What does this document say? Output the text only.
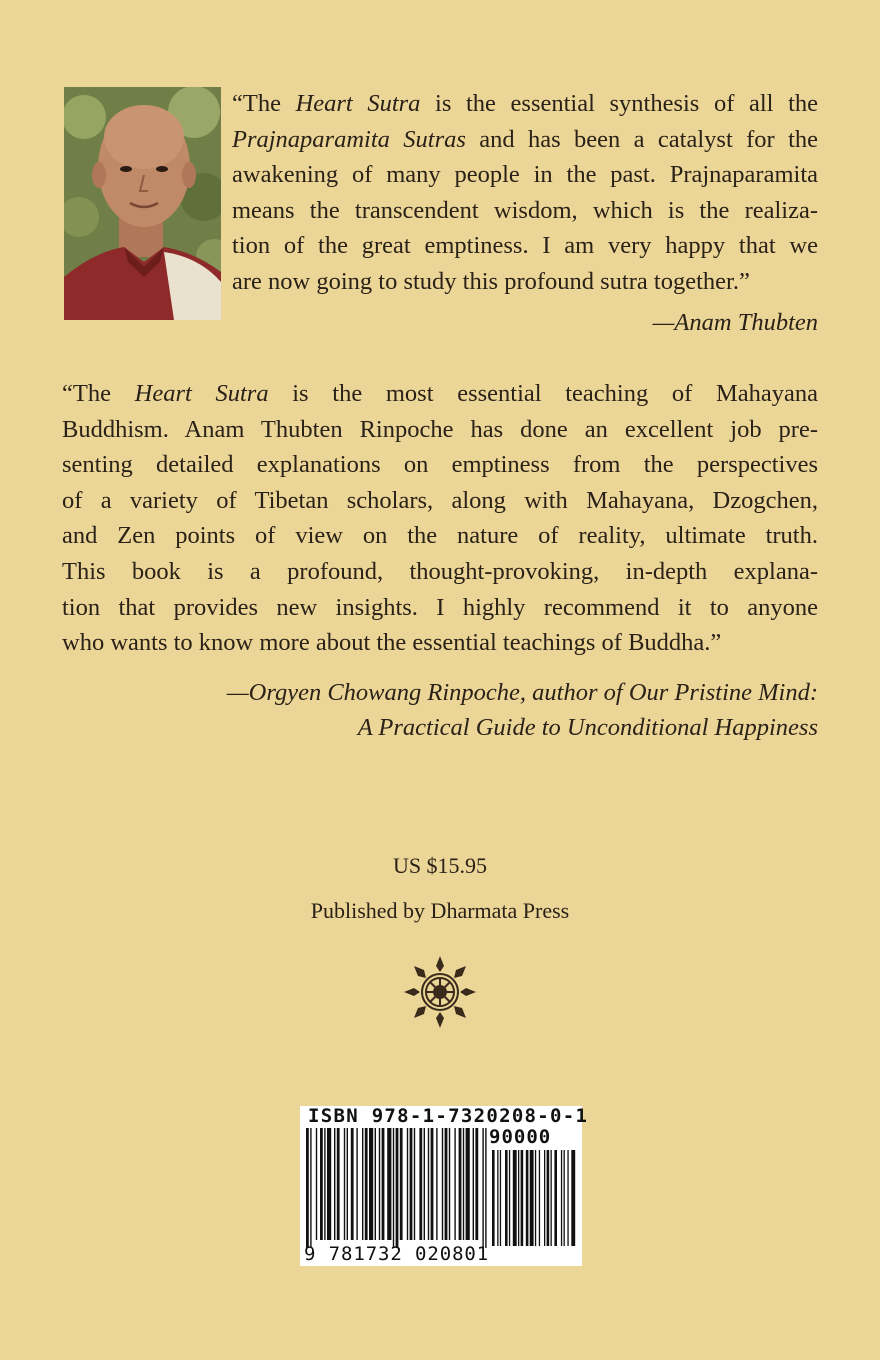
“The Heart Sutra is the essential synthesis of all the
Prajnaparamita Sutras and has been a catalyst for the
awakening of many people in the past. Prajnaparamita
means the transcendent wisdom, which is the realiza-
tion of the great emptiness. I am very happy that we
are now going to study this profound sutra together.”
—Anam Thubten
“The Heart Sutra is the most essential teaching of Mahayana
Buddhism. Anam Thubten Rinpoche has done an excellent job pre-
senting detailed explanations on emptiness from the perspectives
of a variety of Tibetan scholars, along with Mahayana, Dzogchen,
and Zen points of view on the nature of reality, ultimate truth.
This book is a profound, thought-provoking, in-depth explana-
tion that provides new insights. I highly recommend it to anyone
who wants to know more about the essential teachings of Buddha.”
—Orgyen Chowang Rinpoche, author of Our Pristine Mind:
A Practical Guide to Unconditional Happiness
US $15.95
Published by Dharmata Press
ISBN 978-1-7320208-0-1
90000
9 781732 020801
